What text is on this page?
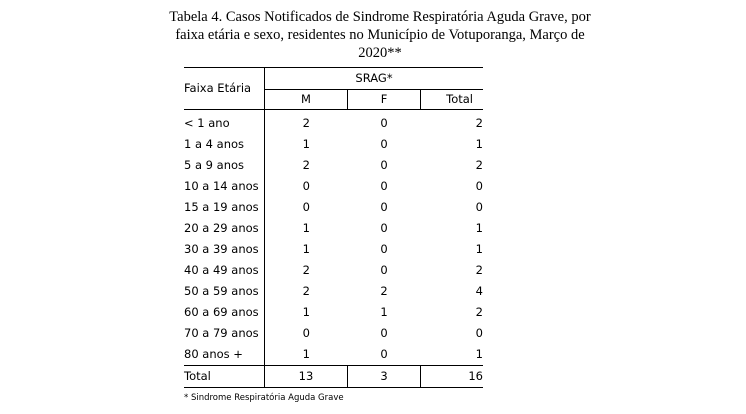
Tabela 4. Casos Notificados de Sindrome Respiratória Aguda Grave, por
faixa etária e sexo, residentes no Município de Votuporanga, Março de
2020**
Faixa Etária	SRAG*		
	M	F	Total
< 1 ano	2	0	2
1 a 4 anos	1	0	1
5 a 9 anos	2	0	2
10 a 14 anos	0	0	0
15 a 19 anos	0	0	0
20 a 29 anos	1	0	1
30 a 39 anos	1	0	1
40 a 49 anos	2	0	2
50 a 59 anos	2	2	4
60 a 69 anos	1	1	2
70 a 79 anos	0	0	0
80 anos +	1	0	1
Total	13	3	16
* Sindrome Respiratória Aguda Grave
